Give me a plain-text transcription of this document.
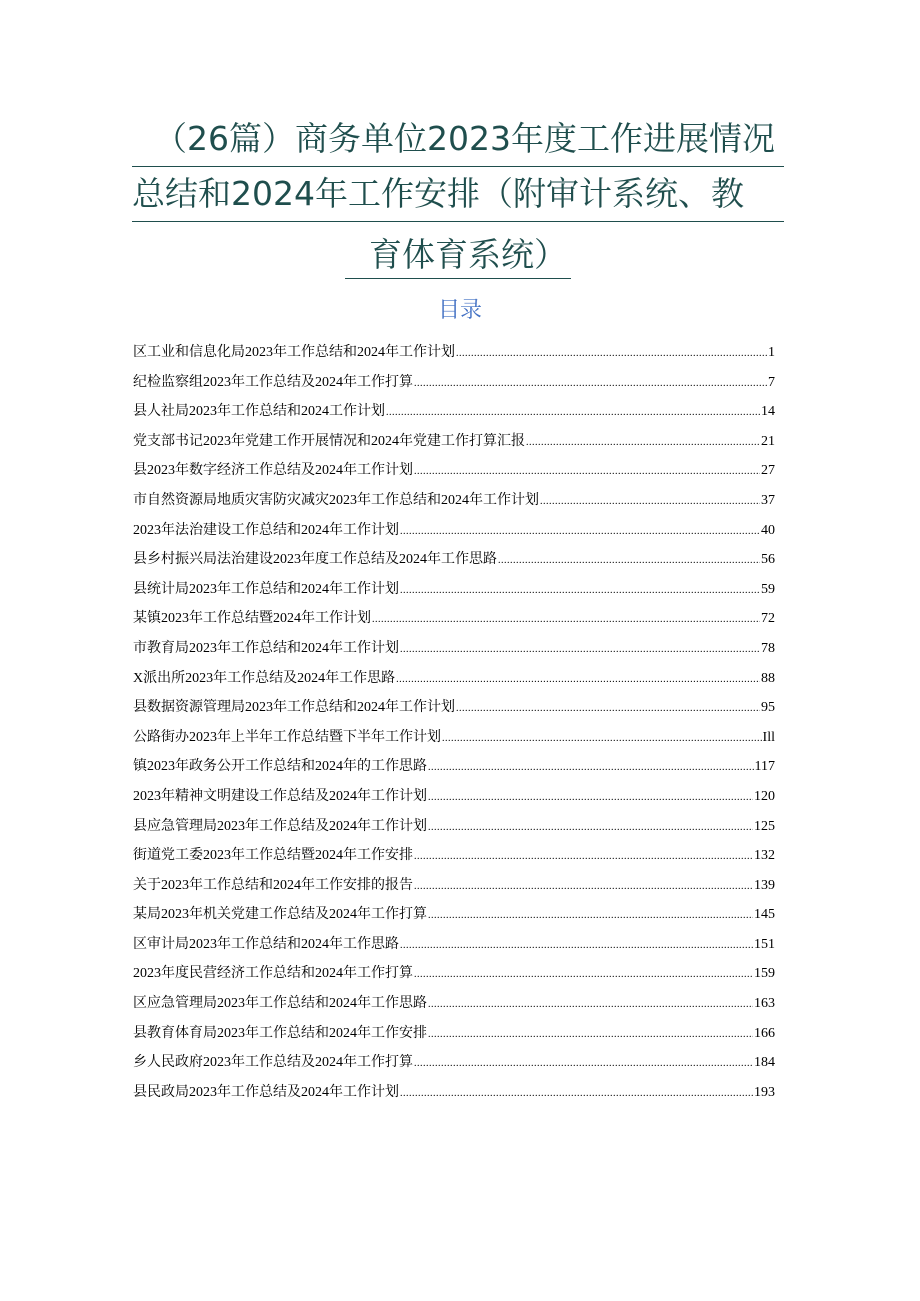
（26篇）商务单位2023年度工作进展情况
总结和2024年工作安排（附审计系统、教
育体育系统）
目录
区工业和信息化局2023年工作总结和2024年工作计划 .....	1
纪检监察组2023年工作总结及2024年工作打算 .....	7
县人社局2023年工作总结和2024工作计划 .....	14
党支部书记2023年党建工作开展情况和2024年党建工作打算汇报 .....	21
县2023年数字经济工作总结及2024年工作计划 .....	27
市自然资源局地质灾害防灾减灾2023年工作总结和2024年工作计划 .....	37
2023年法治建设工作总结和2024年工作计划 .....	40
县乡村振兴局法治建设2023年度工作总结及2024年工作思路 .....	56
县统计局2023年工作总结和2024年工作计划 .....	59
某镇2023年工作总结暨2024年工作计划 .....	72
市教育局2023年工作总结和2024年工作计划 .....	78
X派出所2023年工作总结及2024年工作思路 .....	88
县数据资源管理局2023年工作总结和2024年工作计划 .....	95
公路街办2023年上半年工作总结暨下半年工作计划 .....	Ill
镇2023年政务公开工作总结和2024年的工作思路 .....	117
2023年精神文明建设工作总结及2024年工作计划 .....	120
县应急管理局2023年工作总结及2024年工作计划 .....	125
街道党工委2023年工作总结暨2024年工作安排 .....	132
关于2023年工作总结和2024年工作安排的报告 .....	139
某局2023年机关党建工作总结及2024年工作打算 .....	145
区审计局2023年工作总结和2024年工作思路 .....	151
2023年度民营经济工作总结和2024年工作打算 .....	159
区应急管理局2023年工作总结和2024年工作思路 .....	163
县教育体育局2023年工作总结和2024年工作安排 .....	166
乡人民政府2023年工作总结及2024年工作打算 .....	184
县民政局2023年工作总结及2024年工作计划 .....	193
